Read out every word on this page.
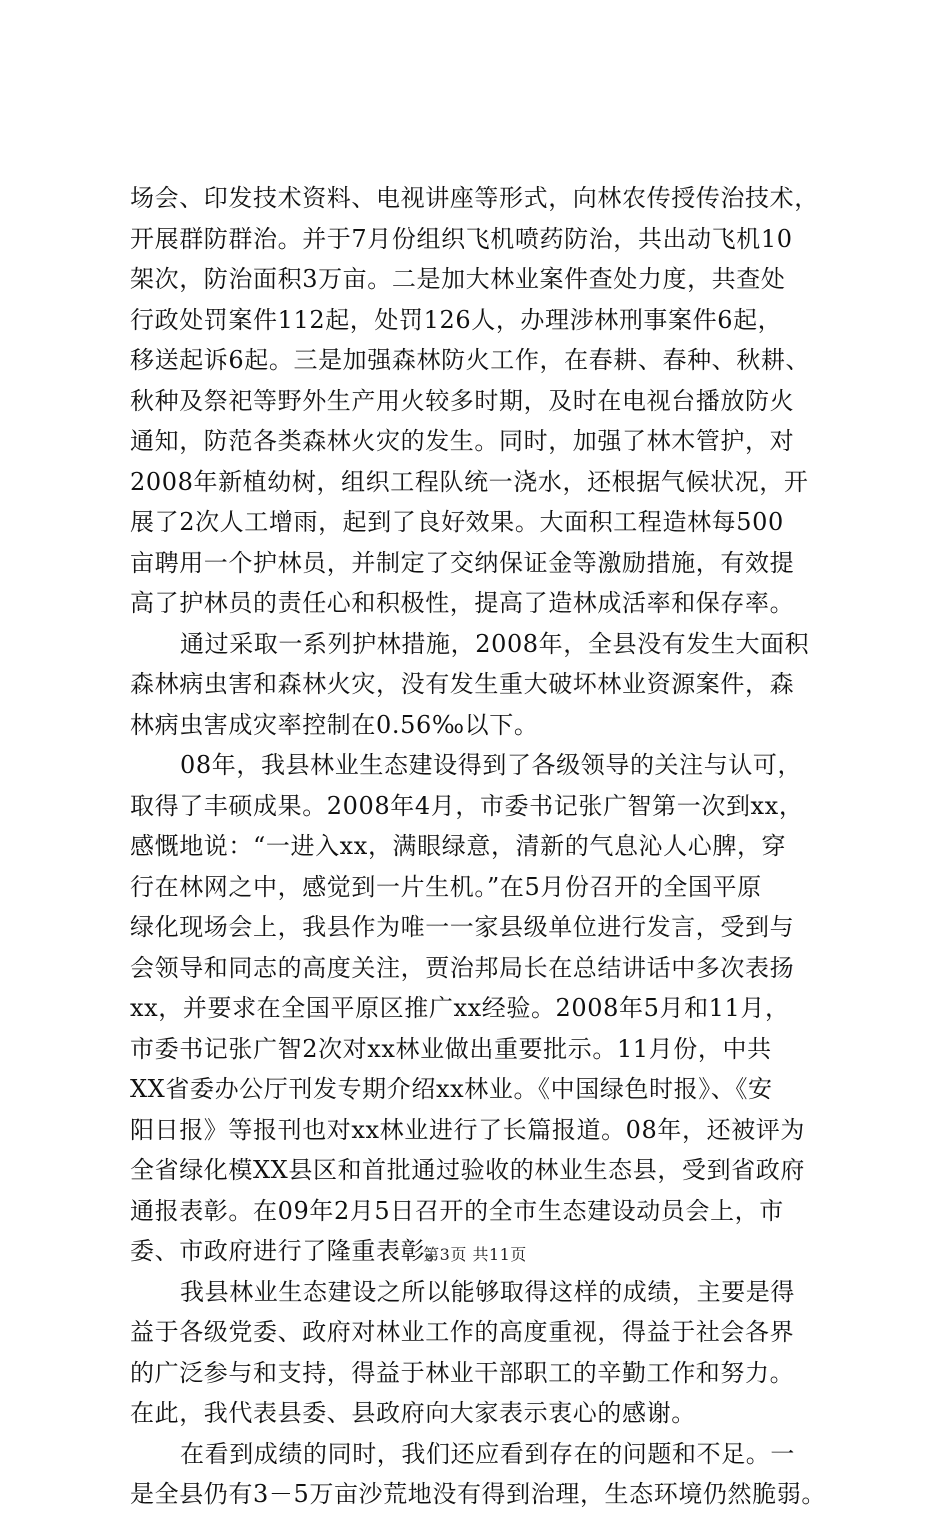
场会、印发技术资料、电视讲座等形式，向林农传授传治技术，
开展群防群治。并于7月份组织飞机喷药防治，共出动飞机10
架次，防治面积3万亩。二是加大林业案件查处力度，共查处
行政处罚案件112起，处罚126人，办理涉林刑事案件6起，
移送起诉6起。三是加强森林防火工作，在春耕、春种、秋耕、
秋种及祭祀等野外生产用火较多时期，及时在电视台播放防火
通知，防范各类森林火灾的发生。同时，加强了林木管护，对
2008年新植幼树，组织工程队统一浇水，还根据气候状况，开
展了2次人工增雨，起到了良好效果。大面积工程造林每500
亩聘用一个护林员，并制定了交纳保证金等激励措施，有效提
高了护林员的责任心和积极性，提高了造林成活率和保存率。
通过采取一系列护林措施，2008年，全县没有发生大面积
森林病虫害和森林火灾，没有发生重大破坏林业资源案件，森
林病虫害成灾率控制在0.56‰以下。
08年，我县林业生态建设得到了各级领导的关注与认可，
取得了丰硕成果。2008年4月，市委书记张广智第一次到xx，
感慨地说：“一进入xx，满眼绿意，清新的气息沁人心脾，穿
行在林网之中，感觉到一片生机。”在5月份召开的全国平原
绿化现场会上，我县作为唯一一家县级单位进行发言，受到与
会领导和同志的高度关注，贾治邦局长在总结讲话中多次表扬
xx，并要求在全国平原区推广xx经验。2008年5月和11月，
市委书记张广智2次对xx林业做出重要批示。11月份，中共
XX省委办公厅刊发专期介绍xx林业。《中国绿色时报》、《安
阳日报》等报刊也对xx林业进行了长篇报道。08年，还被评为
全省绿化模XX县区和首批通过验收的林业生态县，受到省政府
通报表彰。在09年2月5日召开的全市生态建设动员会上，市
委、市政府进行了隆重表彰。
我县林业生态建设之所以能够取得这样的成绩，主要是得
益于各级党委、政府对林业工作的高度重视，得益于社会各界
的广泛参与和支持，得益于林业干部职工的辛勤工作和努力。
在此，我代表县委、县政府向大家表示衷心的感谢。
在看到成绩的同时，我们还应看到存在的问题和不足。一
是全县仍有3－5万亩沙荒地没有得到治理，生态环境仍然脆弱。
第3页 共11页
